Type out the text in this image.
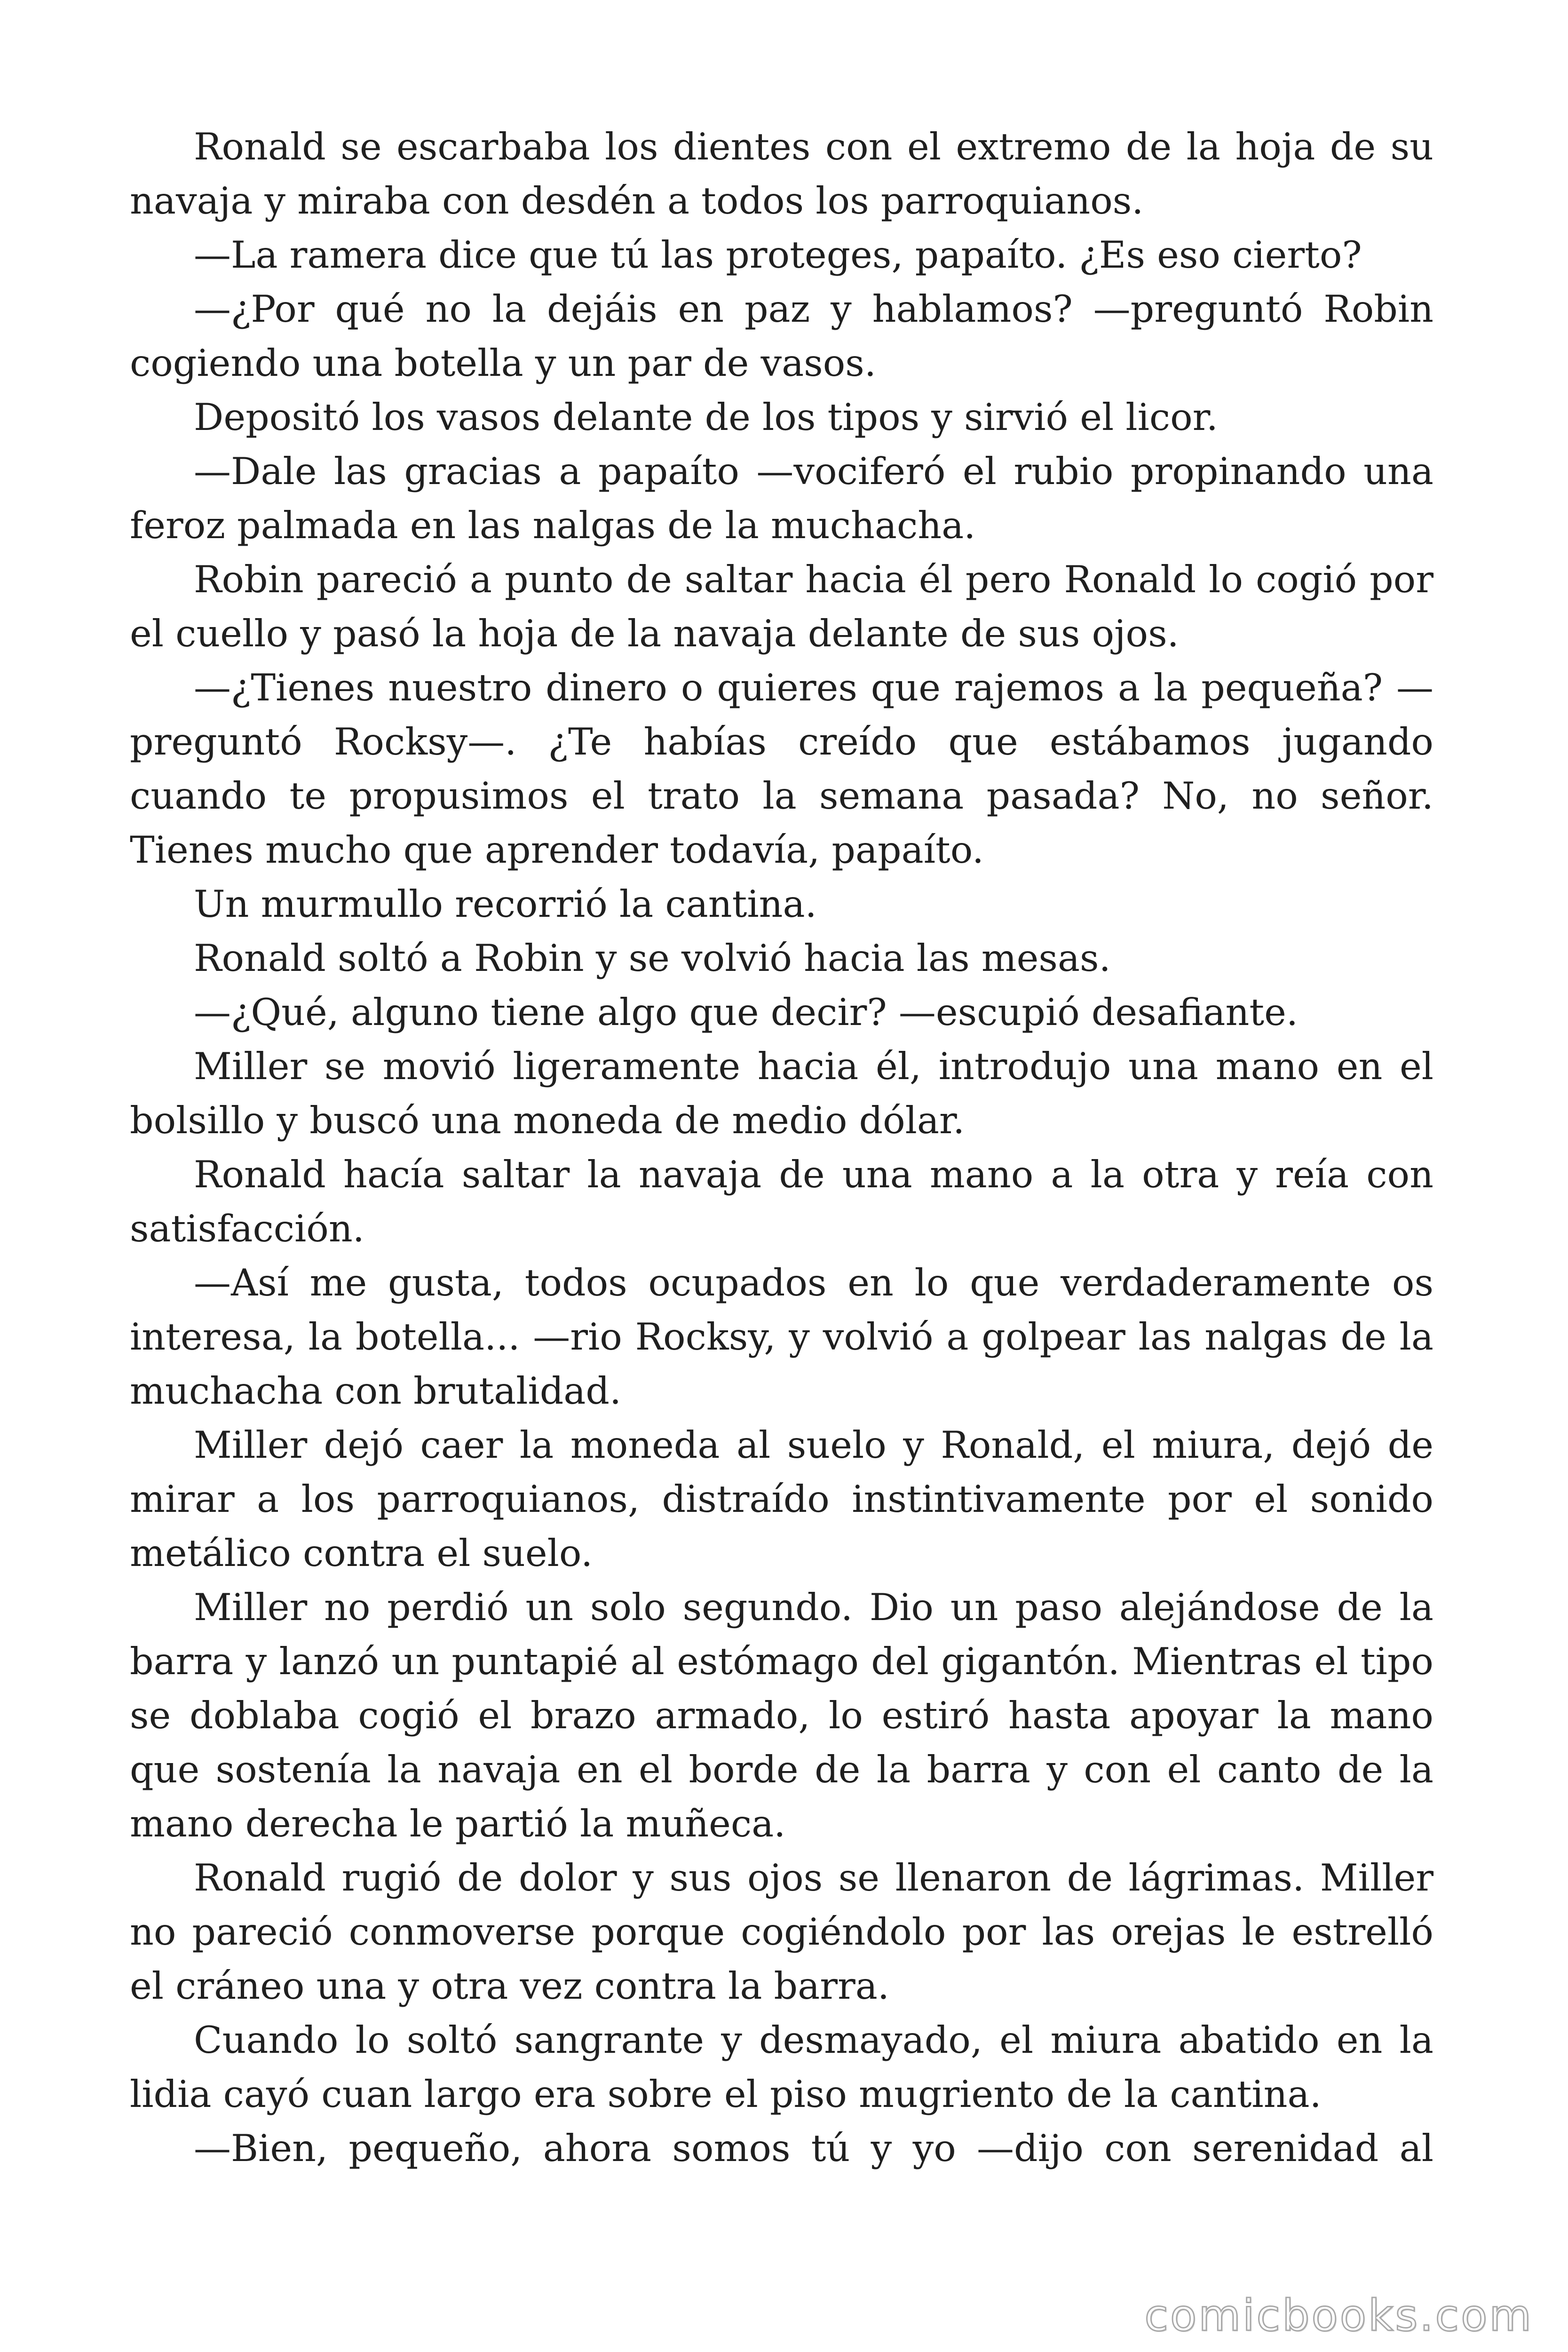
Ronald se escarbaba los dientes con el extremo de la hoja de su navaja y miraba con desdén a todos los parroquianos.

—La ramera dice que tú las proteges, papaíto. ¿Es eso cierto?

—¿Por qué no la dejáis en paz y hablamos? —preguntó Robin cogiendo una botella y un par de vasos.

Depositó los vasos delante de los tipos y sirvió el licor.

—Dale las gracias a papaíto —vociferó el rubio propinando una feroz palmada en las nalgas de la muchacha.

Robin pareció a punto de saltar hacia él pero Ronald lo cogió por el cuello y pasó la hoja de la navaja delante de sus ojos.

—¿Tienes nuestro dinero o quieres que rajemos a la pequeña? —preguntó Rocksy—. ¿Te habías creído que estábamos jugando cuando te propusimos el trato la semana pasada? No, no señor. Tienes mucho que aprender todavía, papaíto.

Un murmullo recorrió la cantina.

Ronald soltó a Robin y se volvió hacia las mesas.

—¿Qué, alguno tiene algo que decir? —escupió desafiante.

Miller se movió ligeramente hacia él, introdujo una mano en el bolsillo y buscó una moneda de medio dólar.

Ronald hacía saltar la navaja de una mano a la otra y reía con satisfacción.

—Así me gusta, todos ocupados en lo que verdaderamente os interesa, la botella... —rio Rocksy, y volvió a golpear las nalgas de la muchacha con brutalidad.

Miller dejó caer la moneda al suelo y Ronald, el miura, dejó de mirar a los parroquianos, distraído instintivamente por el sonido metálico contra el suelo.

Miller no perdió un solo segundo. Dio un paso alejándose de la barra y lanzó un puntapié al estómago del gigantón. Mientras el tipo se doblaba cogió el brazo armado, lo estiró hasta apoyar la mano que sostenía la navaja en el borde de la barra y con el canto de la mano derecha le partió la muñeca.

Ronald rugió de dolor y sus ojos se llenaron de lágrimas. Miller no pareció conmoverse porque cogiéndolo por las orejas le estrelló el cráneo una y otra vez contra la barra.

Cuando lo soltó sangrante y desmayado, el miura abatido en la lidia cayó cuan largo era sobre el piso mugriento de la cantina.

—Bien, pequeño, ahora somos tú y yo —dijo con serenidad al

comicbooks.com
